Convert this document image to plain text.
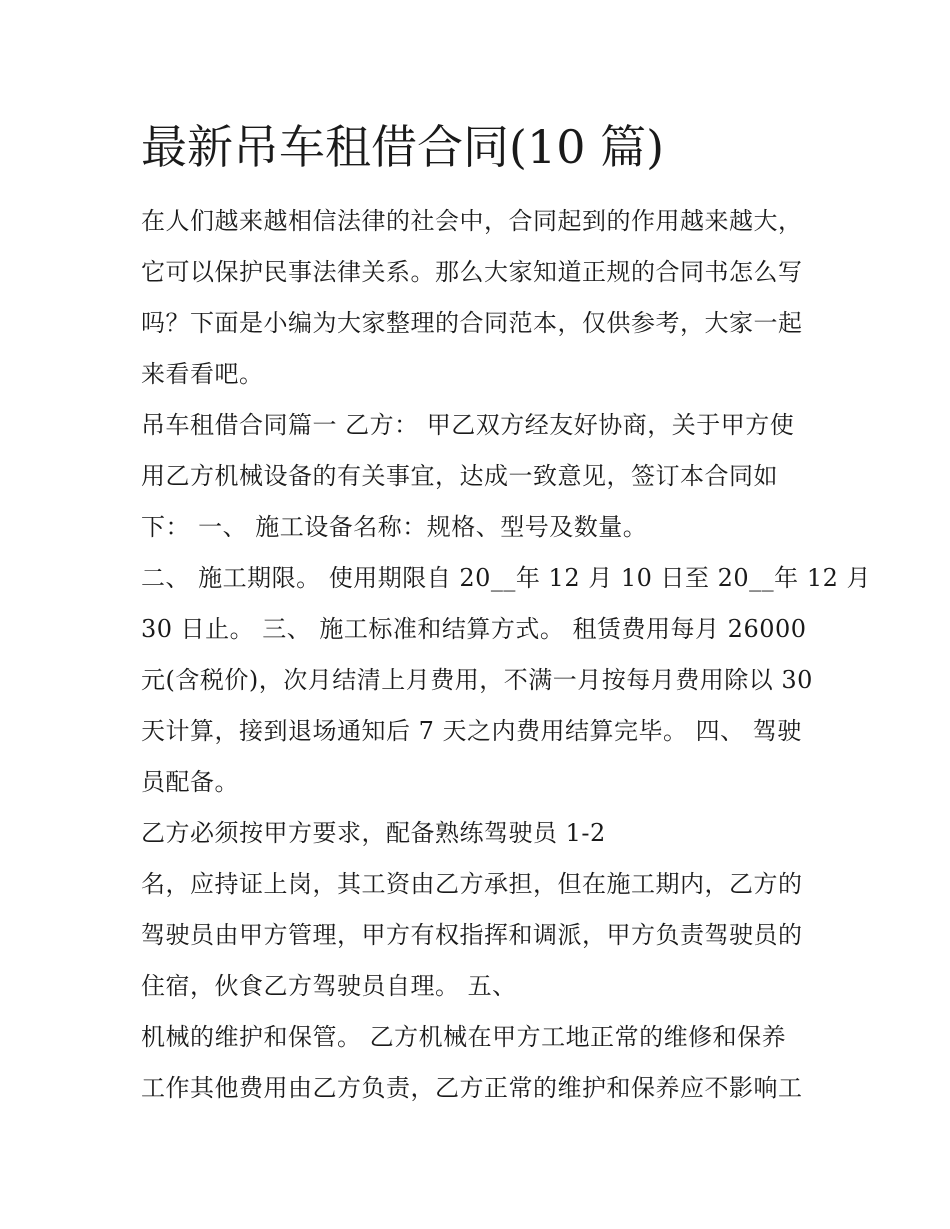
最新吊车租借合同(10 篇)
在人们越来越相信法律的社会中，合同起到的作用越来越大，
它可以保护民事法律关系。那么大家知道正规的合同书怎么写
吗？下面是小编为大家整理的合同范本，仅供参考，大家一起
来看看吧。
吊车租借合同篇一 乙方： 甲乙双方经友好协商，关于甲方使
用乙方机械设备的有关事宜，达成一致意见，签订本合同如
下： 一、 施工设备名称：规格、型号及数量。
二、 施工期限。 使用期限自 20__年 12 月 10 日至 20__年 12 月
30 日止。 三、 施工标准和结算方式。 租赁费用每月 26000
元(含税价)，次月结清上月费用，不满一月按每月费用除以 30
天计算，接到退场通知后 7 天之内费用结算完毕。 四、 驾驶
员配备。
乙方必须按甲方要求，配备熟练驾驶员 1-2
名，应持证上岗，其工资由乙方承担，但在施工期内，乙方的
驾驶员由甲方管理，甲方有权指挥和调派，甲方负责驾驶员的
住宿，伙食乙方驾驶员自理。 五、
机械的维护和保管。 乙方机械在甲方工地正常的维修和保养
工作其他费用由乙方负责，乙方正常的维护和保养应不影响工
